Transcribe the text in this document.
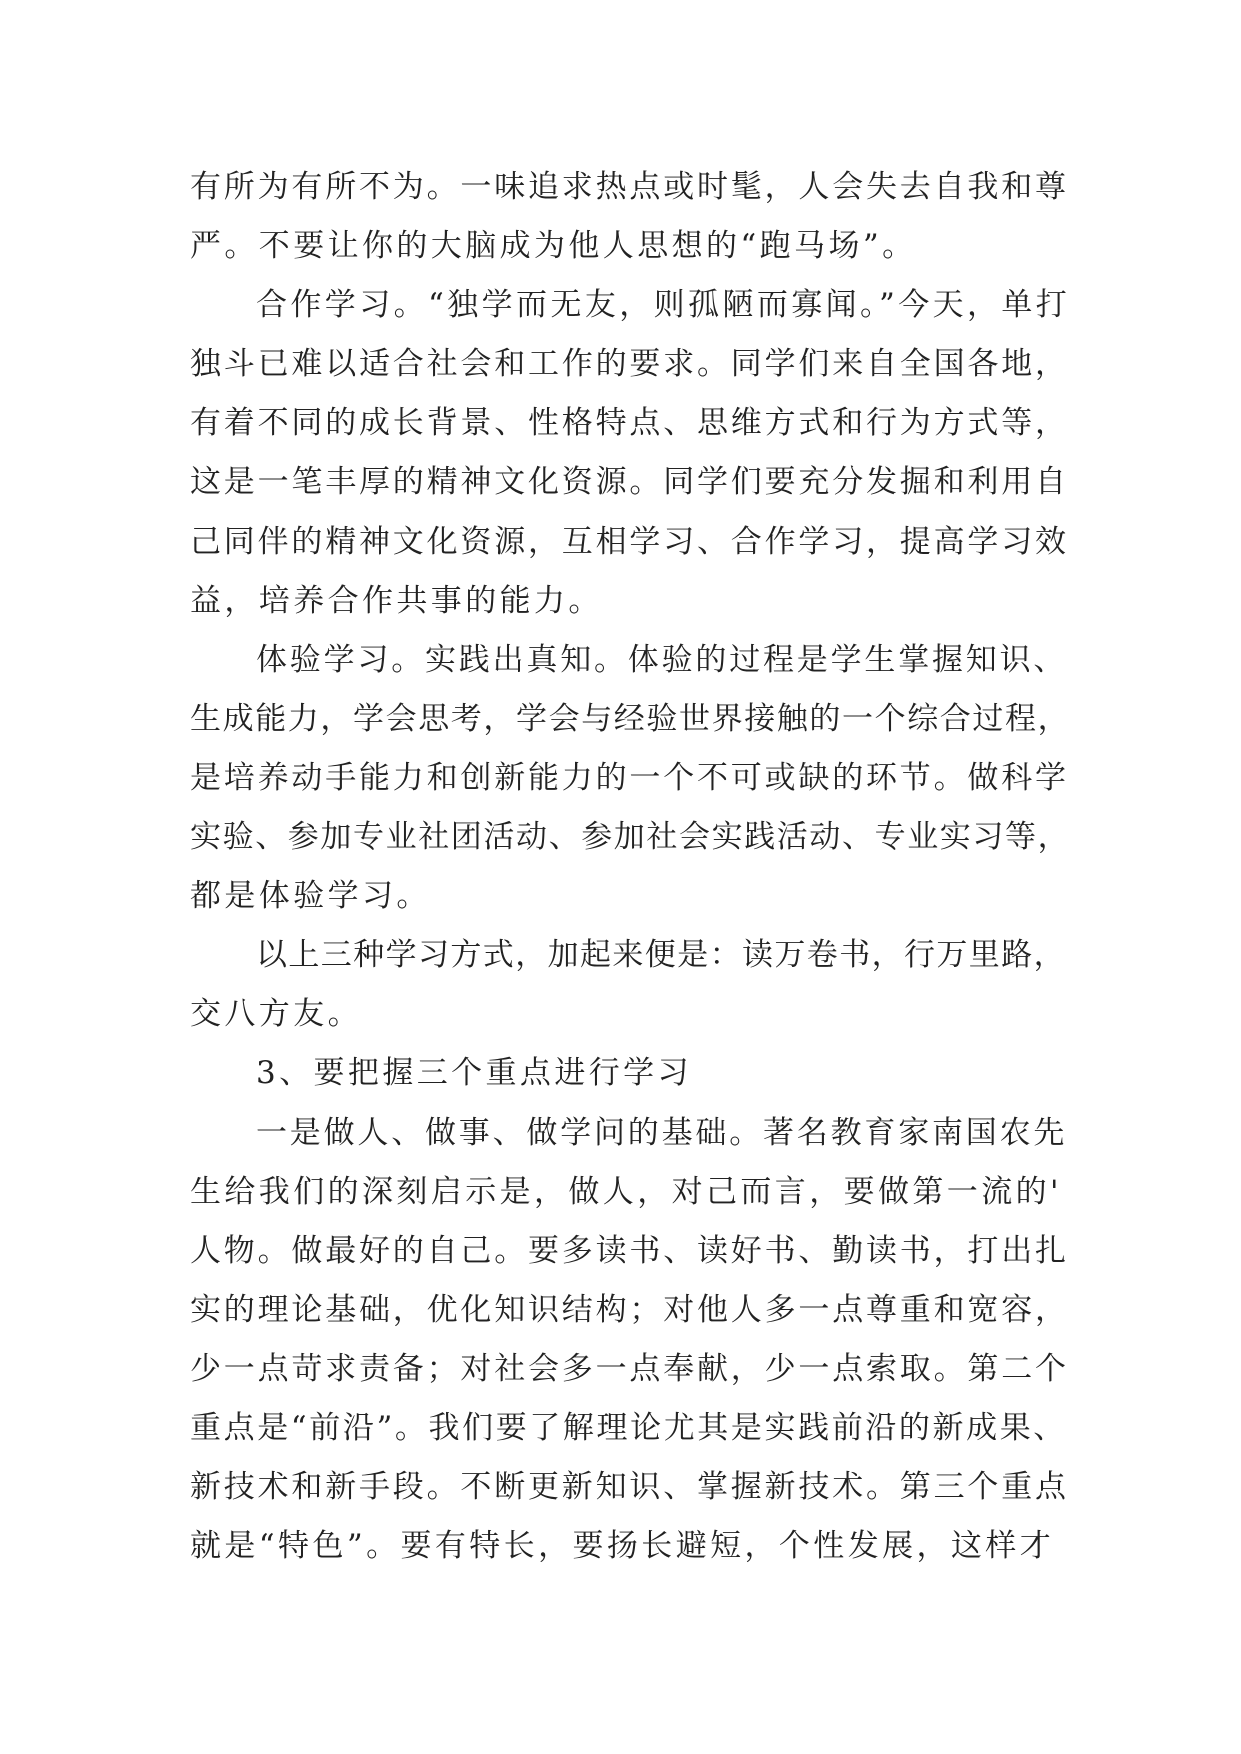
有所为有所不为。一味追求热点或时髦，人会失去自我和尊
严。不要让你的大脑成为他人思想的“跑马场”。
合作学习。“独学而无友，则孤陋而寡闻。”今天，单打
独斗已难以适合社会和工作的要求。同学们来自全国各地，
有着不同的成长背景、性格特点、思维方式和行为方式等，
这是一笔丰厚的精神文化资源。同学们要充分发掘和利用自
己同伴的精神文化资源，互相学习、合作学习，提高学习效
益，培养合作共事的能力。
体验学习。实践出真知。体验的过程是学生掌握知识、
生成能力，学会思考，学会与经验世界接触的一个综合过程，
是培养动手能力和创新能力的一个不可或缺的环节。做科学
实验、参加专业社团活动、参加社会实践活动、专业实习等，
都是体验学习。
以上三种学习方式，加起来便是：读万卷书，行万里路，
交八方友。
3、要把握三个重点进行学习
一是做人、做事、做学问的基础。著名教育家南国农先
生给我们的深刻启示是，做人，对己而言，要做第一流的'
人物。做最好的自己。要多读书、读好书、勤读书，打出扎
实的理论基础，优化知识结构；对他人多一点尊重和宽容，
少一点苛求责备；对社会多一点奉献，少一点索取。第二个
重点是“前沿”。我们要了解理论尤其是实践前沿的新成果、
新技术和新手段。不断更新知识、掌握新技术。第三个重点
就是“特色”。要有特长，要扬长避短，个性发展，这样才
